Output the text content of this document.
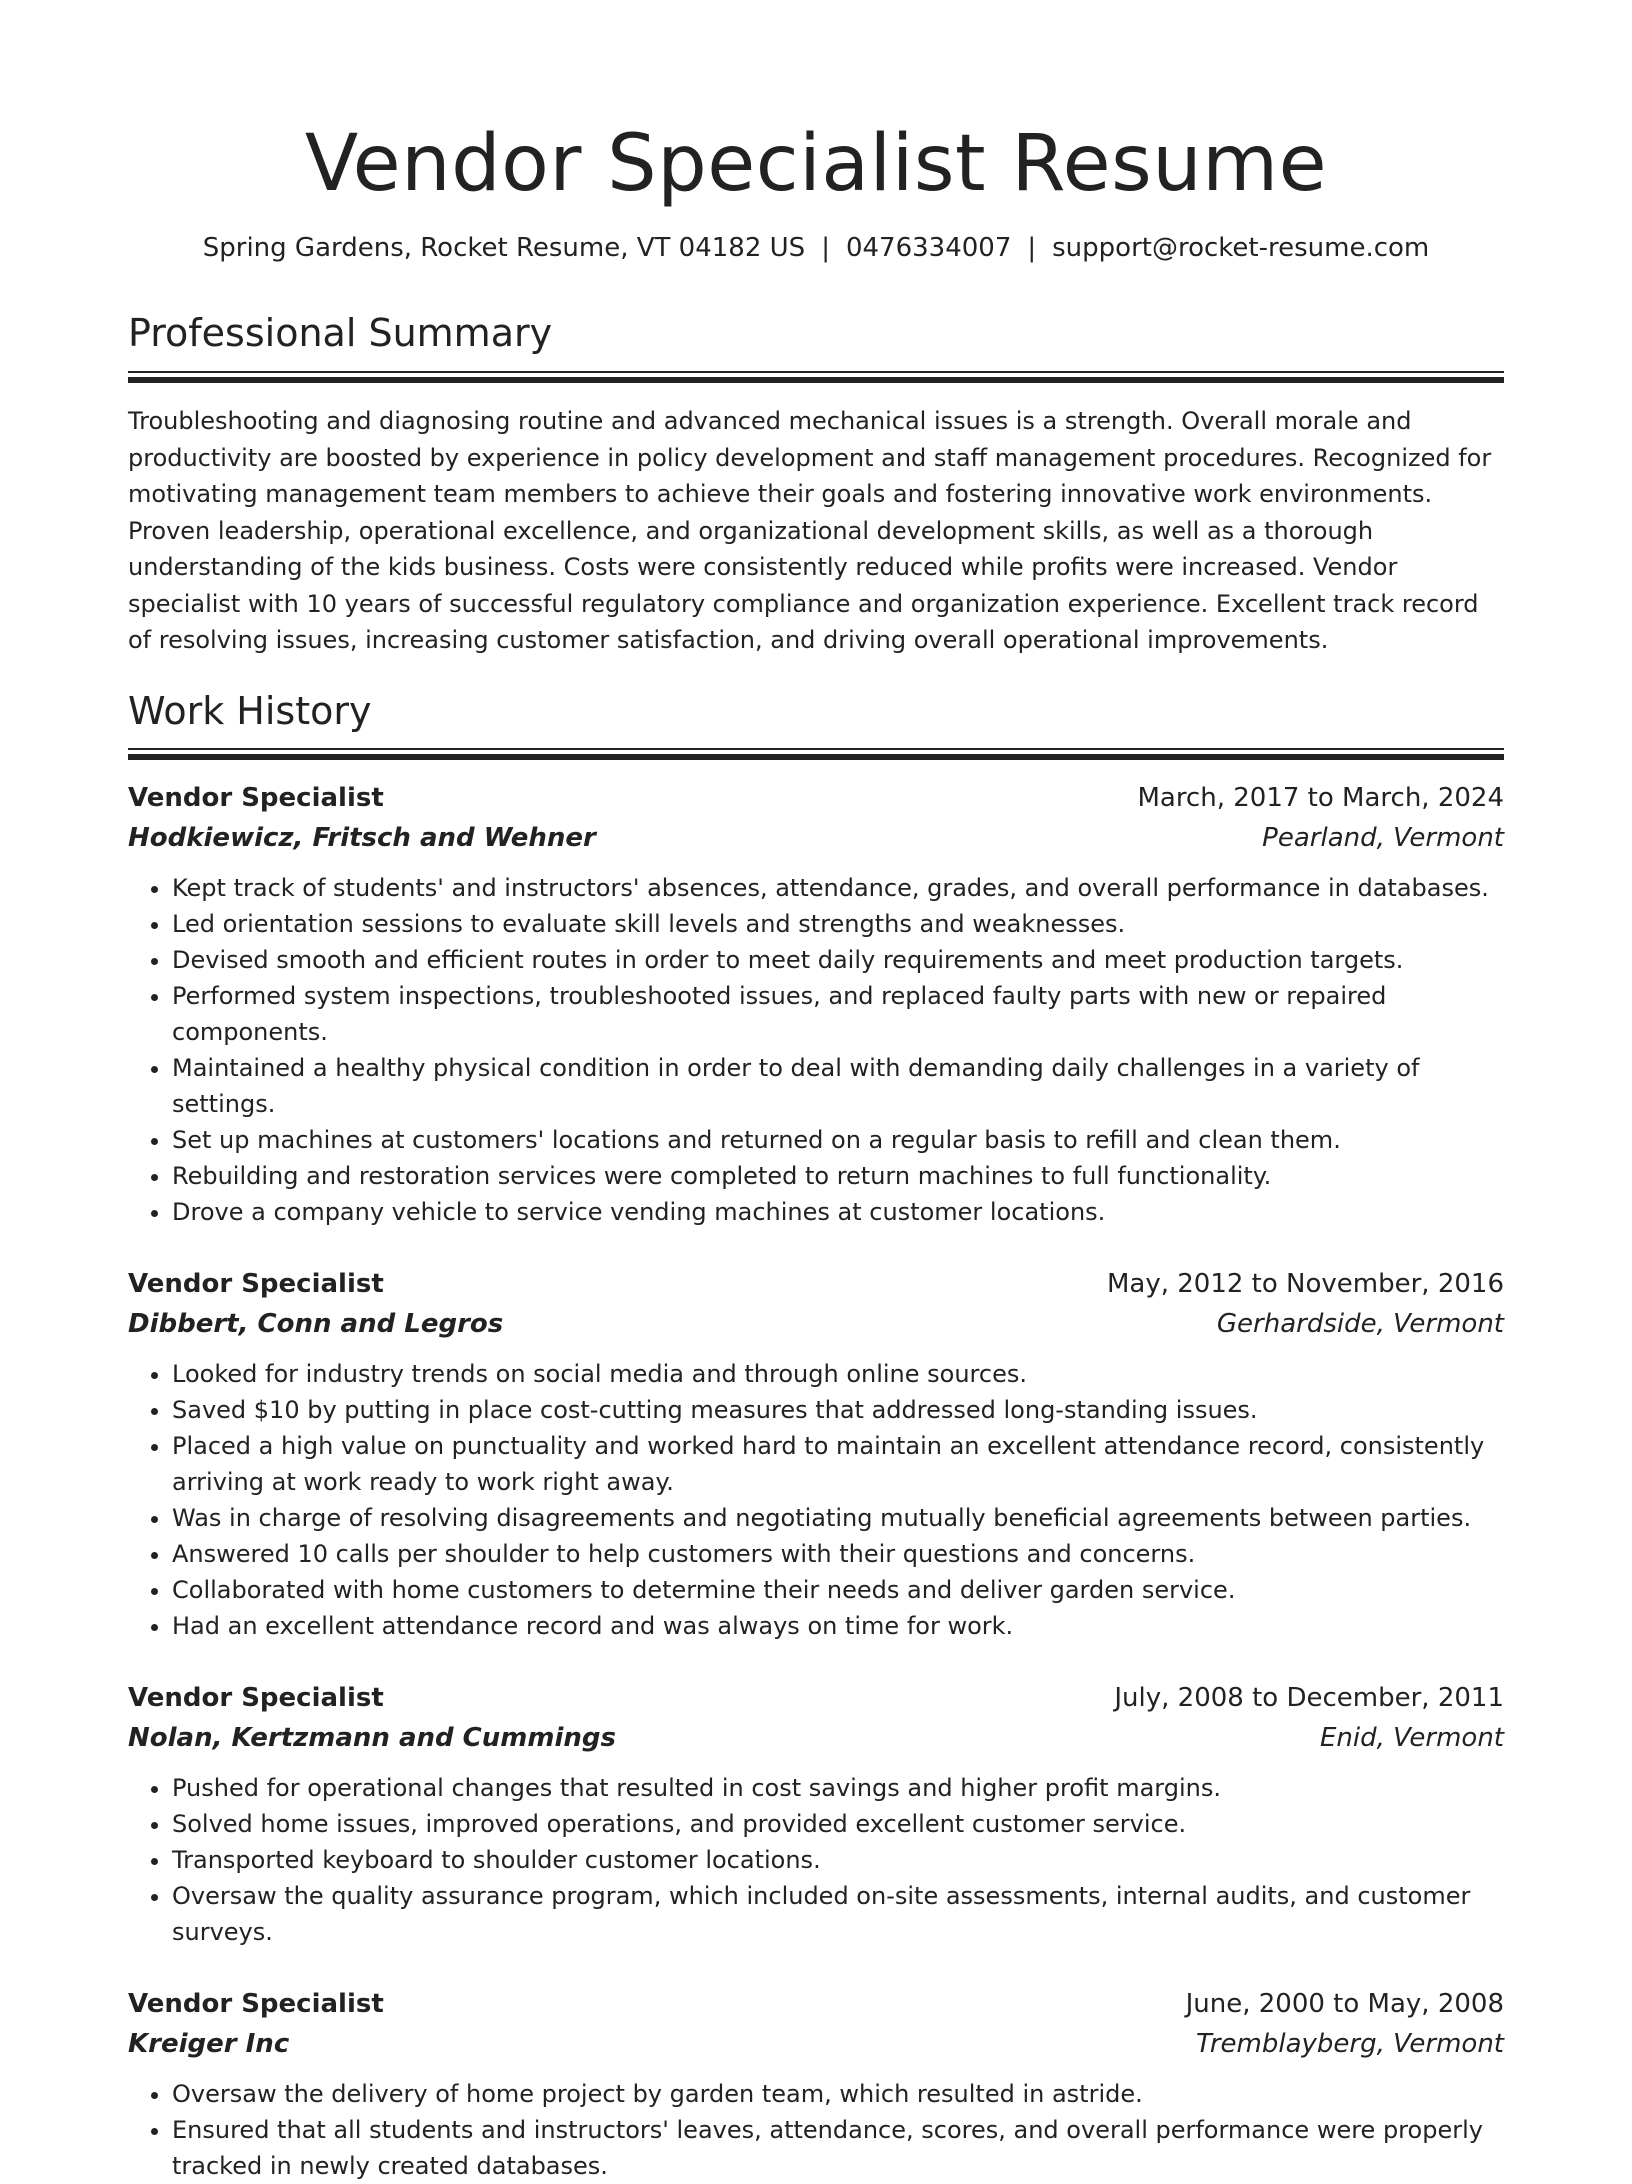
Vendor Specialist Resume
Spring Gardens, Rocket Resume, VT 04182 US | 0476334007 | support@rocket-resume.com
Professional Summary
Troubleshooting and diagnosing routine and advanced mechanical issues is a strength. Overall morale and productivity are boosted by experience in policy development and staff management procedures. Recognized for motivating management team members to achieve their goals and fostering innovative work environments. Proven leadership, operational excellence, and organizational development skills, as well as a thorough understanding of the kids business. Costs were consistently reduced while profits were increased. Vendor specialist with 10 years of successful regulatory compliance and organization experience. Excellent track record of resolving issues, increasing customer satisfaction, and driving overall operational improvements.
Work History
Vendor Specialist	March, 2017 to March, 2024
Hodkiewicz, Fritsch and Wehner	Pearland, Vermont
• Kept track of students' and instructors' absences, attendance, grades, and overall performance in databases.
• Led orientation sessions to evaluate skill levels and strengths and weaknesses.
• Devised smooth and efficient routes in order to meet daily requirements and meet production targets.
• Performed system inspections, troubleshooted issues, and replaced faulty parts with new or repaired components.
• Maintained a healthy physical condition in order to deal with demanding daily challenges in a variety of settings.
• Set up machines at customers' locations and returned on a regular basis to refill and clean them.
• Rebuilding and restoration services were completed to return machines to full functionality.
• Drove a company vehicle to service vending machines at customer locations.
Vendor Specialist	May, 2012 to November, 2016
Dibbert, Conn and Legros	Gerhardside, Vermont
• Looked for industry trends on social media and through online sources.
• Saved $10 by putting in place cost-cutting measures that addressed long-standing issues.
• Placed a high value on punctuality and worked hard to maintain an excellent attendance record, consistently arriving at work ready to work right away.
• Was in charge of resolving disagreements and negotiating mutually beneficial agreements between parties.
• Answered 10 calls per shoulder to help customers with their questions and concerns.
• Collaborated with home customers to determine their needs and deliver garden service.
• Had an excellent attendance record and was always on time for work.
Vendor Specialist	July, 2008 to December, 2011
Nolan, Kertzmann and Cummings	Enid, Vermont
• Pushed for operational changes that resulted in cost savings and higher profit margins.
• Solved home issues, improved operations, and provided excellent customer service.
• Transported keyboard to shoulder customer locations.
• Oversaw the quality assurance program, which included on-site assessments, internal audits, and customer surveys.
Vendor Specialist	June, 2000 to May, 2008
Kreiger Inc	Tremblayberg, Vermont
• Oversaw the delivery of home project by garden team, which resulted in astride.
• Ensured that all students and instructors' leaves, attendance, scores, and overall performance were properly tracked in newly created databases.
